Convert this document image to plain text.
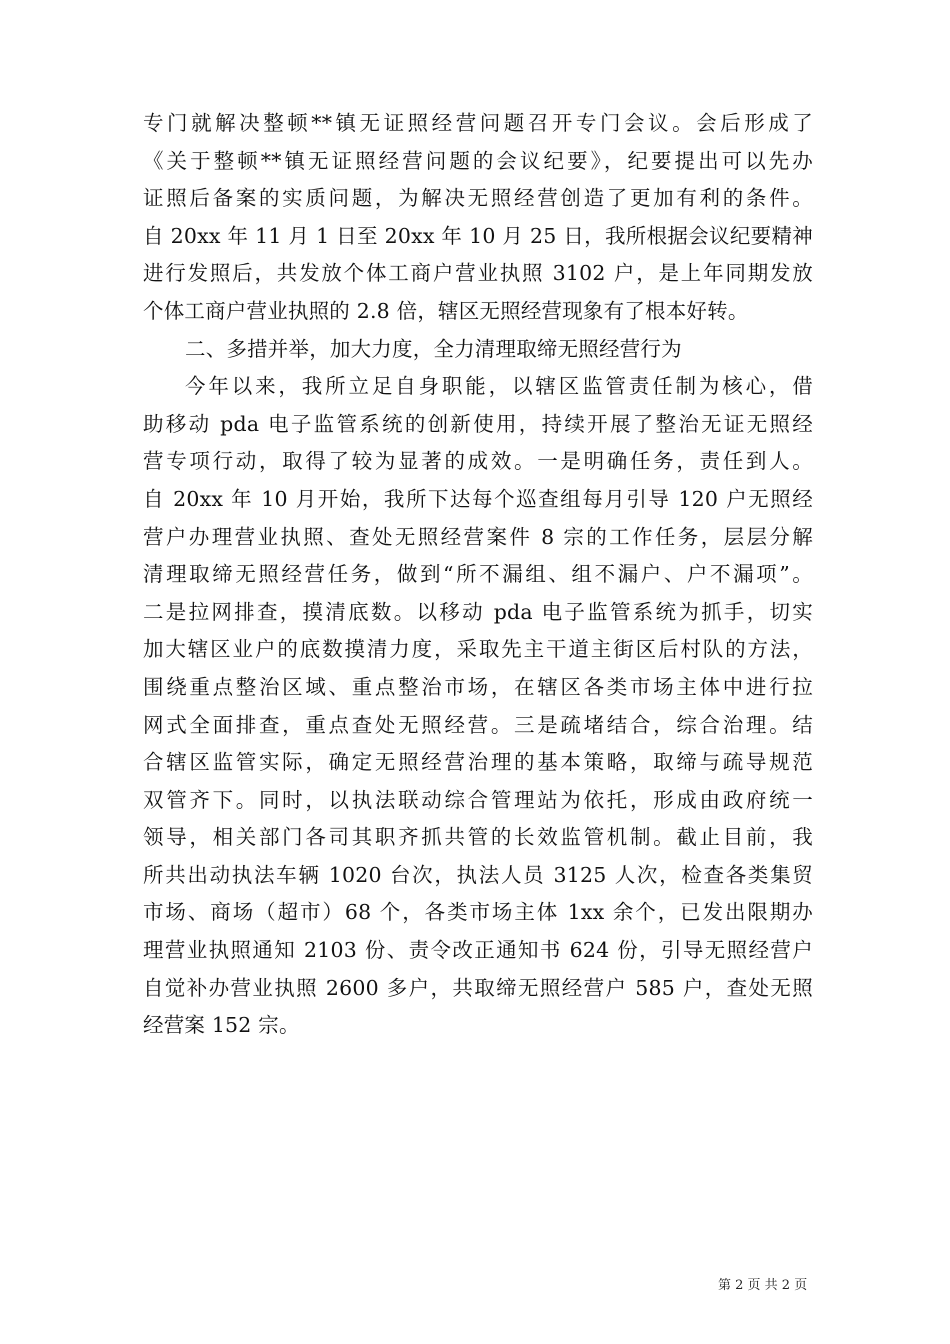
专门就解决整顿**镇无证照经营问题召开专门会议。会后形成了
《关于整顿**镇无证照经营问题的会议纪要》，纪要提出可以先办
证照后备案的实质问题，为解决无照经营创造了更加有利的条件。
自 20xx 年 11 月 1 日至 20xx 年 10 月 25 日，我所根据会议纪要精神
进行发照后，共发放个体工商户营业执照 3102 户，是上年同期发放
个体工商户营业执照的 2.8 倍，辖区无照经营现象有了根本好转。
二、多措并举，加大力度，全力清理取缔无照经营行为
今年以来，我所立足自身职能，以辖区监管责任制为核心，借
助移动 pda 电子监管系统的创新使用，持续开展了整治无证无照经
营专项行动，取得了较为显著的成效。一是明确任务，责任到人。
自 20xx 年 10 月开始，我所下达每个巡查组每月引导 120 户无照经
营户办理营业执照、查处无照经营案件 8 宗的工作任务，层层分解
清理取缔无照经营任务，做到“所不漏组、组不漏户、户不漏项”。
二是拉网排查，摸清底数。以移动 pda 电子监管系统为抓手，切实
加大辖区业户的底数摸清力度，采取先主干道主街区后村队的方法，
围绕重点整治区域、重点整治市场，在辖区各类市场主体中进行拉
网式全面排查，重点查处无照经营。三是疏堵结合，综合治理。结
合辖区监管实际，确定无照经营治理的基本策略，取缔与疏导规范
双管齐下。同时，以执法联动综合管理站为依托，形成由政府统一
领导，相关部门各司其职齐抓共管的长效监管机制。截止目前，我
所共出动执法车辆 1020 台次，执法人员 3125 人次，检查各类集贸
市场、商场（超市）68 个，各类市场主体 1xx 余个，已发出限期办
理营业执照通知 2103 份、责令改正通知书 624 份，引导无照经营户
自觉补办营业执照 2600 多户，共取缔无照经营户 585 户，查处无照
经营案 152 宗。
第 2 页 共 2 页
